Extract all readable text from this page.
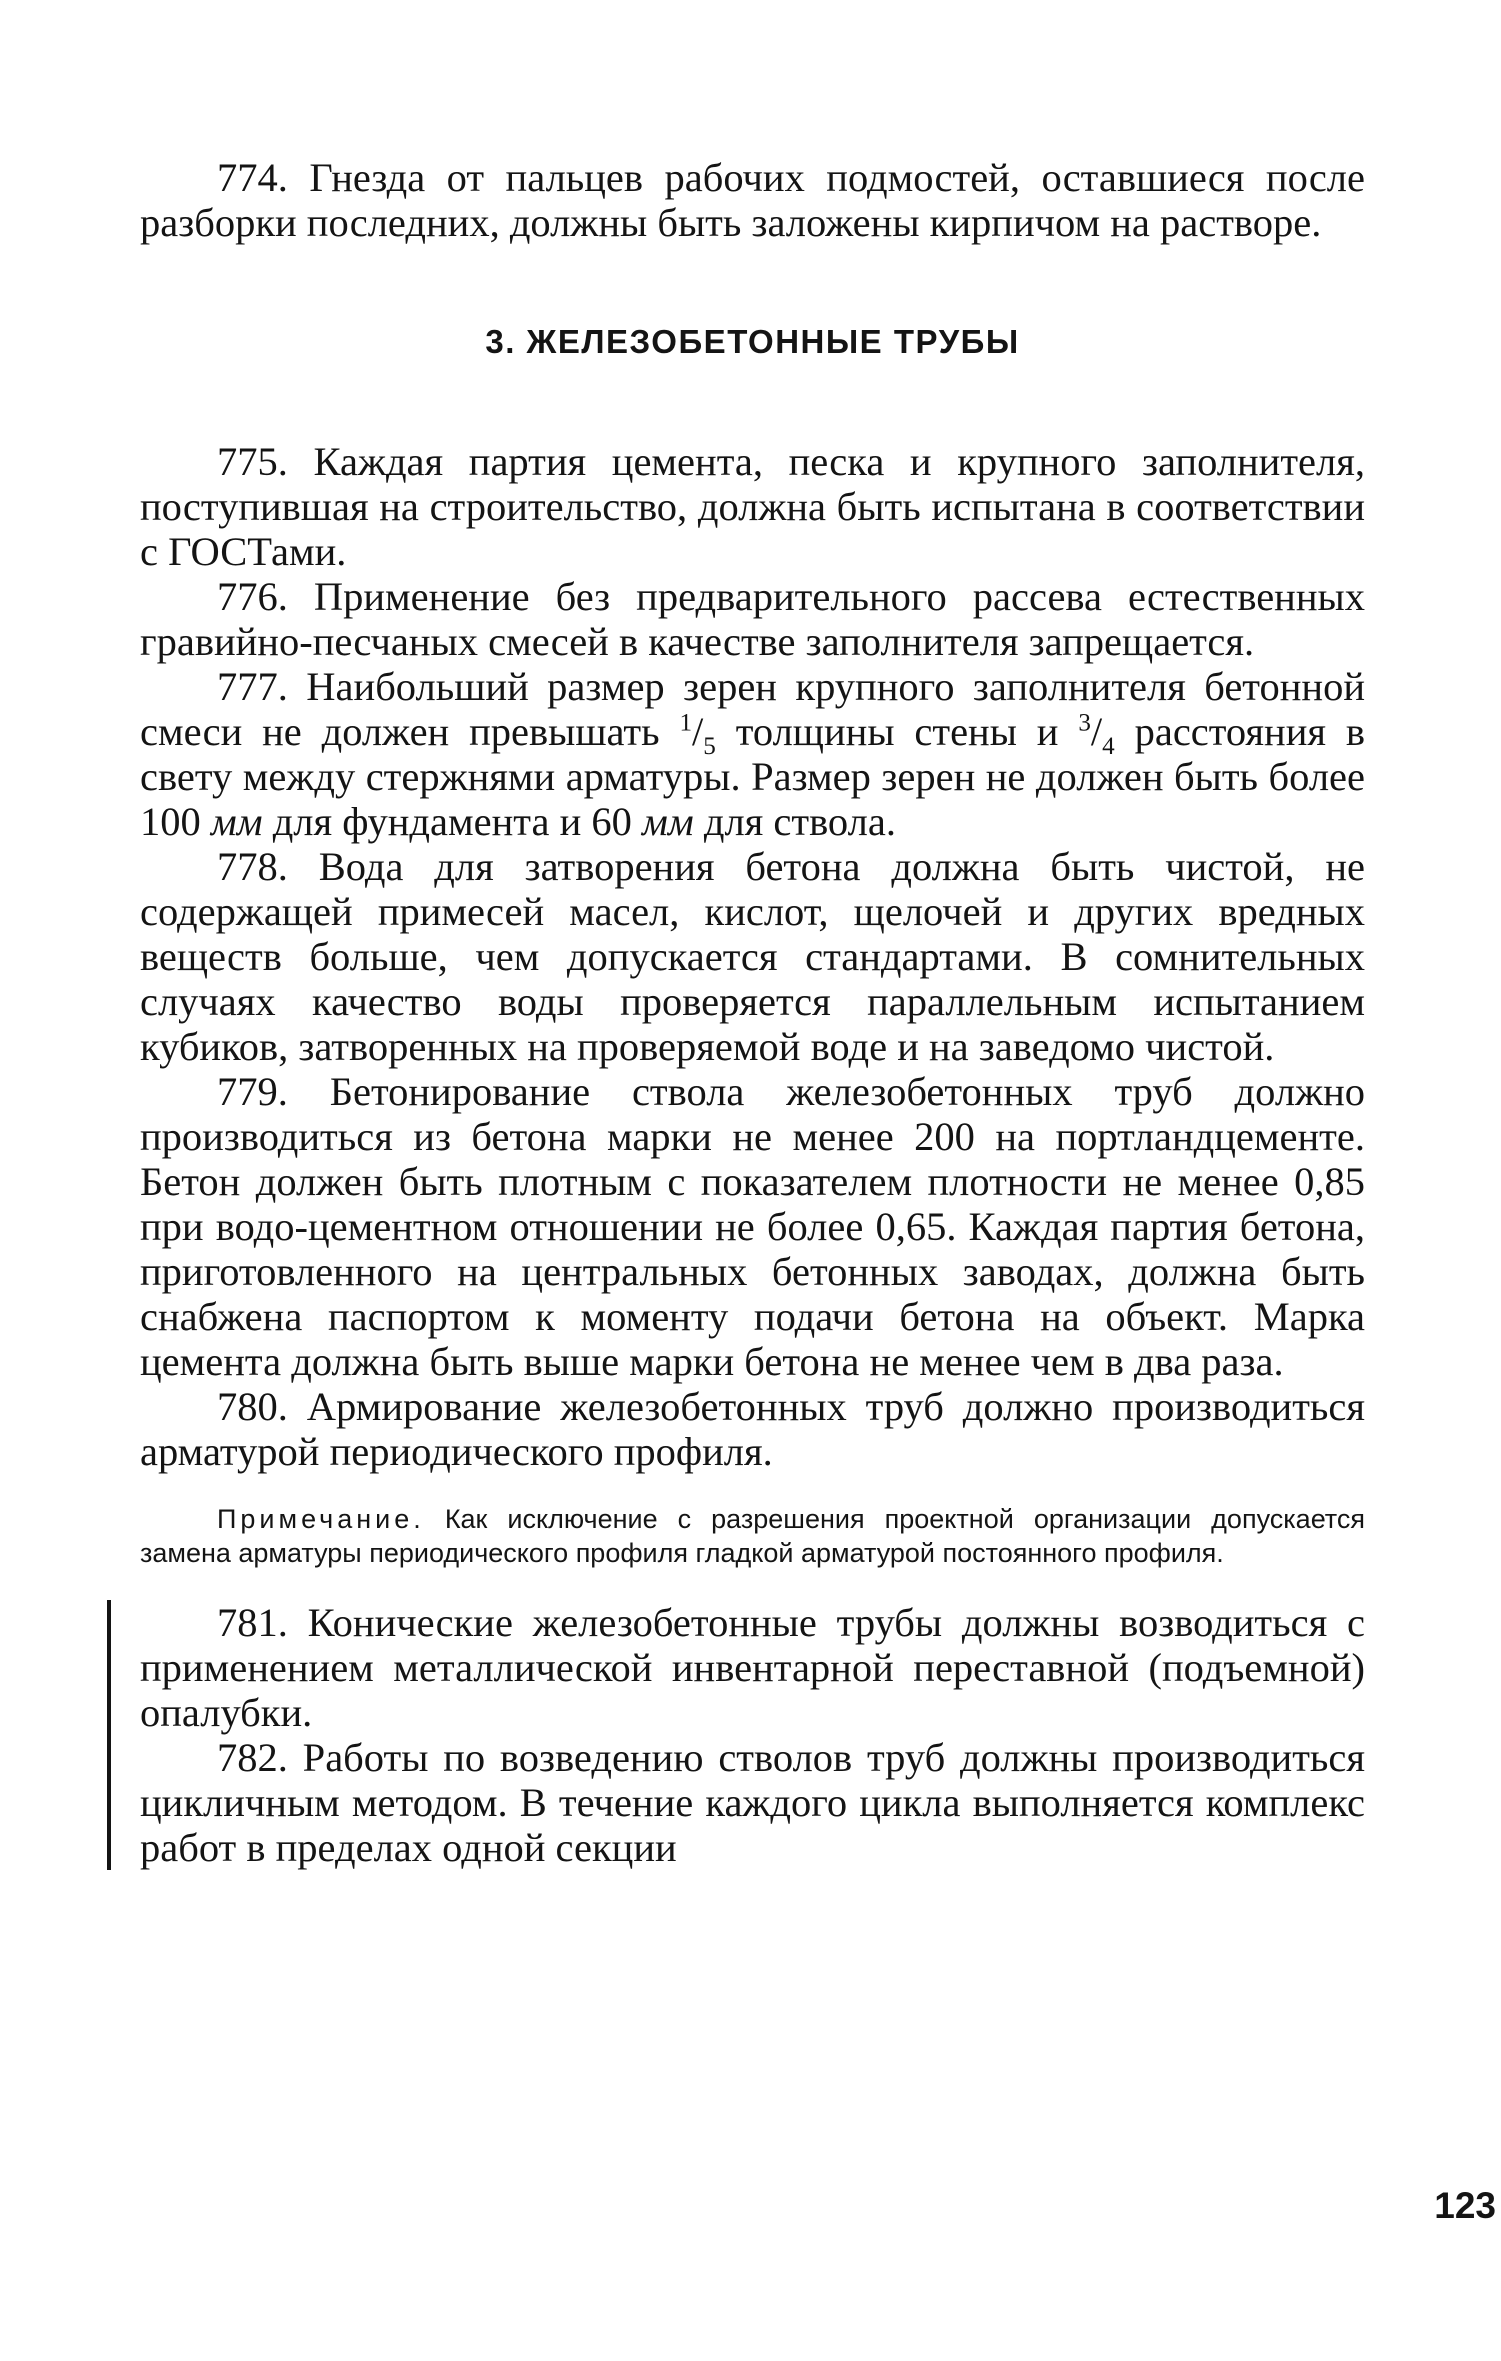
774. Гнезда от пальцев рабочих подмостей, оставшиеся после разборки последних, должны быть заложены кирпичом на растворе.

3. ЖЕЛЕЗОБЕТОННЫЕ ТРУБЫ

775. Каждая партия цемента, песка и крупного заполнителя, поступившая на строительство, должна быть испытана в соответствии с ГОСТами.

776. Применение без предварительного рассева естественных гравийно-песчаных смесей в качестве заполнителя запрещается.

777. Наибольший размер зерен крупного заполнителя бетонной смеси не должен превышать $^1/_5$ толщины стены и $^3/_4$ расстояния в свету между стержнями арматуры. Размер зерен не должен быть более 100 мм для фундамента и 60 мм для ствола.

778. Вода для затворения бетона должна быть чистой, не содержащей примесей масел, кислот, щелочей и других вредных веществ больше, чем допускается стандартами. В сомнительных случаях качество воды проверяется параллельным испытанием кубиков, затворенных на проверяемой воде и на заведомо чистой.

779. Бетонирование ствола железобетонных труб должно производиться из бетона марки не менее 200 на портландцементе. Бетон должен быть плотным с показателем плотности не менее 0,85 при водо-цементном отношении не более 0,65. Каждая партия бетона, приготовленного на центральных бетонных заводах, должна быть снабжена паспортом к моменту подачи бетона на объект. Марка цемента должна быть выше марки бетона не менее чем в два раза.

780. Армирование железобетонных труб должно производиться арматурой периодического профиля.

Примечание. Как исключение с разрешения проектной организации допускается замена арматуры периодического профиля гладкой арматурой постоянного профиля.

781. Конические железобетонные трубы должны возводиться с применением металлической инвентарной переставной (подъемной) опалубки.

782. Работы по возведению стволов труб должны производиться цикличным методом. В течение каждого цикла выполняется комплекс работ в пределах одной секции

123
